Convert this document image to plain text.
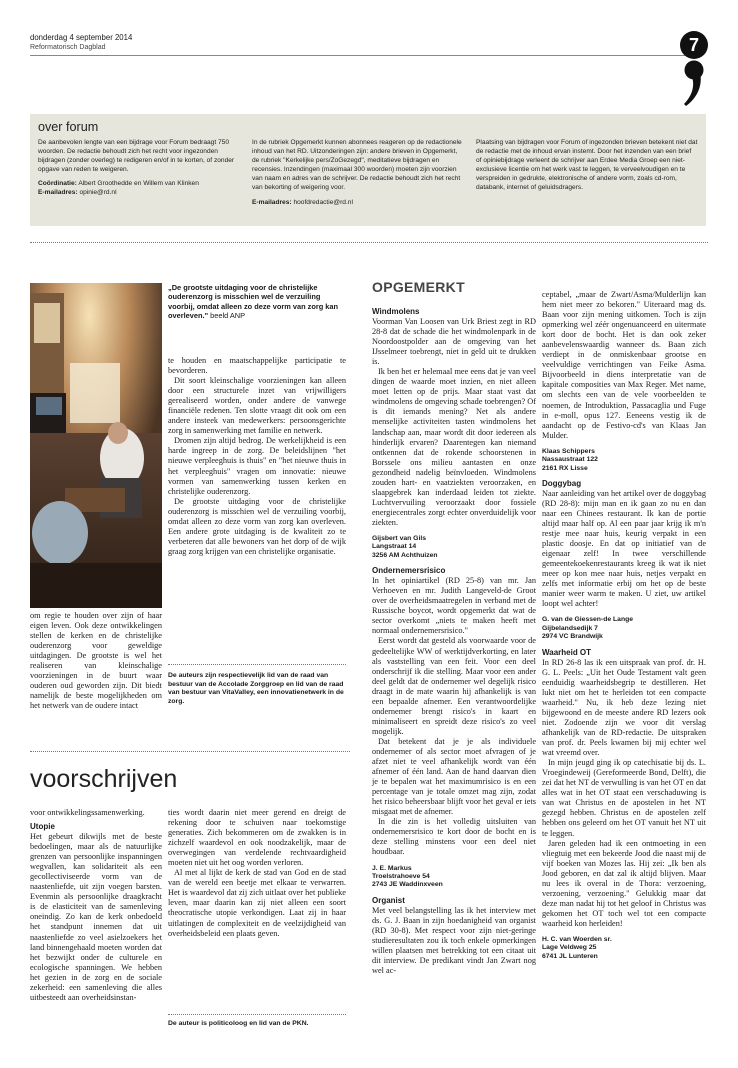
donderdag 4 september 2014
Reformatorisch Dagblad	7
over forum
De aanbevolen lengte van een bijdrage voor Forum bedraagt 750 woorden. De redactie behoudt zich het recht voor ingezonden bijdragen (zonder overleg) te redigeren en/of in te korten, of zonder opgave van reden te weigeren.
Coördinatie: Albert Groothedde en Willem van Klinken
E-mailadres: opinie@rd.nl
In de rubriek Opgemerkt kunnen abonnees reageren op de redactionele inhoud van het RD. Uitzonderingen zijn: andere brieven in Opgemerkt, de rubriek "Kerkelijke pers/ZoGezegd", meditatieve bijdragen en recensies. Inzendingen (maximaal 300 woorden) moeten zijn voorzien van naam en adres van de schrijver. De redactie behoudt zich het recht van bekorting of weigering voor.
E-mailadres: hoofdredactie@rd.nl
Plaatsing van bijdragen voor Forum of ingezonden brieven betekent niet dat de redactie met de inhoud ervan instemt. Door het inzenden van een brief of opiniebijdrage verleent de schrijver aan Erdee Media Groep een niet-exclusieve licentie om het werk vast te leggen, te verveelvoudigen en te verspreiden in gedrukte, elektronische of andere vorm, zoals cd-rom, databank, internet of geluidsdragers.
„De grootste uitdaging voor de christelijke ouderenzorg is misschien wel de verzuiling voorbij, omdat alleen zo deze vorm van zorg kan overleven." beeld ANP

om regie te houden over zijn of haar eigen leven. Ook deze ontwikkelingen stellen de kerken en de christelijke ouderenzorg voor geweldige uitdagingen. De grootste is wel het realiseren van kleinschalige voorzieningen in de buurt waar ouderen oud geworden zijn. Dit biedt namelijk de beste mogelijkheden om het netwerk van de oudere intact

te houden en maatschappelijke participatie te bevorderen.

Dit soort kleinschalige voorzieningen kan alleen door een structurele inzet van vrijwilligers gerealiseerd worden, onder andere de vanwege financiële redenen. Ten slotte vraagt dit ook om een andere insteek van medewerkers: persoonsgerichte zorg in samenwerking met familie en netwerk.

Dromen zijn altijd bedrog. De werkelijkheid is een harde ingreep in de zorg. De beleidslijnen "het nieuwe verpleeghuis is thuis" en "het nieuwe thuis in het verpleeghuis" vragen om innovatie: nieuwe vormen van samenwerking tussen kerken en christelijke ouderenzorg.

De grootste uitdaging voor de christelijke ouderenzorg is misschien wel de verzuiling voorbij, omdat alleen zo deze vorm van zorg kan overleven. Een andere grote uitdaging is de kwaliteit zo te verbeteren dat alle bewoners van het dorp of de wijk graag zorg krijgen van een christelijke organisatie.

De auteurs zijn respectievelijk lid van de raad van bestuur van de Accolade Zorggroep en lid van de raad van bestuur van VitaValley, een innovatienetwerk in de zorg.
voorschrijven

voor ontwikkelingssamenwerking.

Utopie

Het gebeurt dikwijls met de beste bedoelingen, maar als de natuurlijke grenzen van persoonlijke inspanningen wegvallen, kan solidariteit als een gecollectiviseerde vorm van de naastenliefde, uit zijn voegen barsten. Evenmin als persoonlijke draagkracht is de elasticiteit van de samenleving oneindig. Zo kan de kerk onbedoeld het standpunt innemen dat uit naastenliefde zo veel asielzoekers het land binnengehaald moeten worden dat het bezwijkt onder de culturele en ecologische spanningen. We hebben het gezien in de zorg en de sociale zekerheid: een samenleving die alles uitbesteedt aan overheidsinstan-

ties wordt daarin niet meer gerend en dreigt de rekening door te schuiven naar toekomstige generaties. Zich bekommeren om de zwakken is in zichzelf waardevol en ook noodzakelijk, maar de overwegingen van verdelende rechtvaardigheid moeten niet uit het oog worden verloren.

Al met al lijkt de kerk de stad van God en de stad van de wereld een beetje met elkaar te verwarren. Het is waardevol dat zij zich uitlaat over het publieke leven, maar daarin kan zij niet alleen een soort theocratische utopie verkondigen. Laat zij in haar uitlatingen de complexiteit en de veelzijdigheid van overheidsbeleid een plaats geven.

De auteur is politicoloog en lid van de PKN.
OPGEMERKT
Windmolens

Voorman Van Loosen van Urk Briest zegt in RD 28-8 dat de schade die het windmolenpark in de Noordoostpolder aan de omgeving van het IJsselmeer toebrengt, niet in geld uit te drukken is.

Ik ben het er helemaal mee eens dat je van veel dingen de waarde moet inzien, en niet alleen moet letten op de prijs. Maar staat vast dat windmolens de omgeving schade toebrengen? Of is dit iemands mening? Net als andere menselijke activiteiten tasten windmolens het landschap aan, maar wordt dit door iedereen als hinderlijk ervaren? Daarentegen kan niemand ontkennen dat de rokende schoorstenen in Borssele ons milieu aantasten en onze gezondheid nadelig beïnvloeden. Windmolens zouden hart- en vaatziekten veroorzaken, en slaapgebrek kan inderdaad leiden tot ziekte. Luchtvervuiling veroorzaakt door fossiele energiecentrales zorgt echter onverduidelijk voor ziekten.

Gijsbert van Gils
Langstraat 14
3256 AM Achthuizen
Ondernemersrisico

In het opiniartikel (RD 25-8) van mr. Jan Verhoeven en mr. Judith Langeveld-de Groot over de overheidsmaatregelen in verband met de Russische boycot, wordt opgemerkt dat wat de sector overkomt „niets te maken heeft met normaal ondernemersrisico."

Eerst wordt dat gesteld als voorwaarde voor de gedeeltelijke WW of werktijdverkorting, en later als vaststelling van een feit. Voor een deel onderschrijf ik die stelling. Maar voor een ander deel geldt dat de ondernemer wel degelijk risico draagt in de mate waarin hij afhankelijk is van een bepaalde afnemer. Een verantwoordelijke ondernemer brengt risico's in kaart en minimaliseert en spreidt deze risico's zo veel mogelijk.

Dat betekent dat je je als individuele ondernemer of als sector moet afvragen of je afzet niet te veel afhankelijk wordt van één afnemer of één land. Aan de hand daarvan dien je te bepalen wat het maximumrisico is en een percentage van je totale omzet mag zijn, zodat het risico beheersbaar blijft voor het geval er iets misgaat met de afnemer.

In die zin is het volledig uitsluiten van ondernemersrisico te kort door de bocht en is deze stelling minstens voor een deel niet houdbaar.

J. E. Markus
Troelstrahoeve 54
2743 JE Waddinxveen
Organist

Met veel belangstelling las ik het interview met ds. G. J. Baan in zijn hoedanigheid van organist (RD 30-8). Met respect voor zijn niet-geringe studieresultaten zou ik toch enkele opmerkingen willen plaatsen met betrekking tot een citaat uit dit interview. De predikant vindt Jan Zwart nog wel ac-

ceptabel, „maar de Zwart/Asma/Mulderlijn kan hem niet meer zo bekoren." Uiteraard mag ds. Baan voor zijn mening uitkomen. Toch is zijn opmerking wel zéér ongenuanceerd en uitermate kort door de bocht. Het is dan ook zeker aanbevelenswaardig wanneer ds. Baan zich verdiept in de onmiskenbaar grootse en veelvuldige verrichtingen van Feike Asma. Bijvoorbeeld in diens interpretatie van de kapitale composities van Max Reger. Met name, om slechts een van de vele voorbeelden te noemen, de Introduktion, Passacaglia und Fuge in e-moll, opus 127. Eeneens vestig ik de aandacht op de Festivo-cd's van Klaas Jan Mulder.

Klaas Schippers
Nassaustraat 122
2161 RX Lisse
Doggybag

Naar aanleiding van het artikel over de doggybag (RD 28-8): mijn man en ik gaan zo nu en dan naar een Chinees restaurant. Ik kan de portie altijd maar half op. Al een paar jaar krijg ik m'n restje mee naar huis, keurig verpakt in een plastic doosje. En dat op initiatief van de eigenaar zelf! In twee verschillende gemeentekoekenrestaurants kreeg ik wat ik niet meer op kon mee naar huis, netjes verpakt en zelfs met informatie erbij om het op de beste manier weer warm te maken. U ziet, uw artikel loopt wel achter!

G. van de Giessen-de Lange
Gijbelandsedijk 7
2974 VC Brandwijk
Waarheid OT

In RD 26-8 las ik een uitspraak van prof. dr. H. G. L. Peels: „Uit het Oude Testament valt geen eenduidig waarheidsbegrip te destilleren. Het lukt niet om het te herleiden tot een compacte waarheid." Nu, ik heb deze lezing niet bijgewoond en de meeste andere RD lezers ook niet. Zodoende zijn we voor dit verslag afhankelijk van de RD-redactie. De uitspraken van prof. dr. Peels kwamen bij mij echter wel wat vreemd over.

In mijn jeugd ging ik op catechisatie bij ds. L. Vroegindeweij (Gereformeerde Bond, Delft), die zei dat het NT de verwulling is van het OT en dat alles wat in het OT staat een verschaduwing is van wat Christus en de apostelen in het NT gezegd hebben. Christus en de apostelen zelf hebben ons geleerd om het OT vanuit het NT uit te leggen.

Jaren geleden had ik een ontmoeting in een vliegtuig met een bekeerde Jood die naast mij de vijf boeken van Mozes las. Hij zei: „Ik ben als Jood geboren, en dat zal ik altijd blijven. Maar nu lees ik overal in de Thora: verzoening, verzoening, verzoening." Gelukkig maar dat deze man nadat hij tot het geloof in Christus was gekomen het OT toch wel tot een compacte waarheid kon herleiden!

H. C. van Woerden sr.
Lage Veldweg 25
6741 JL Lunteren
